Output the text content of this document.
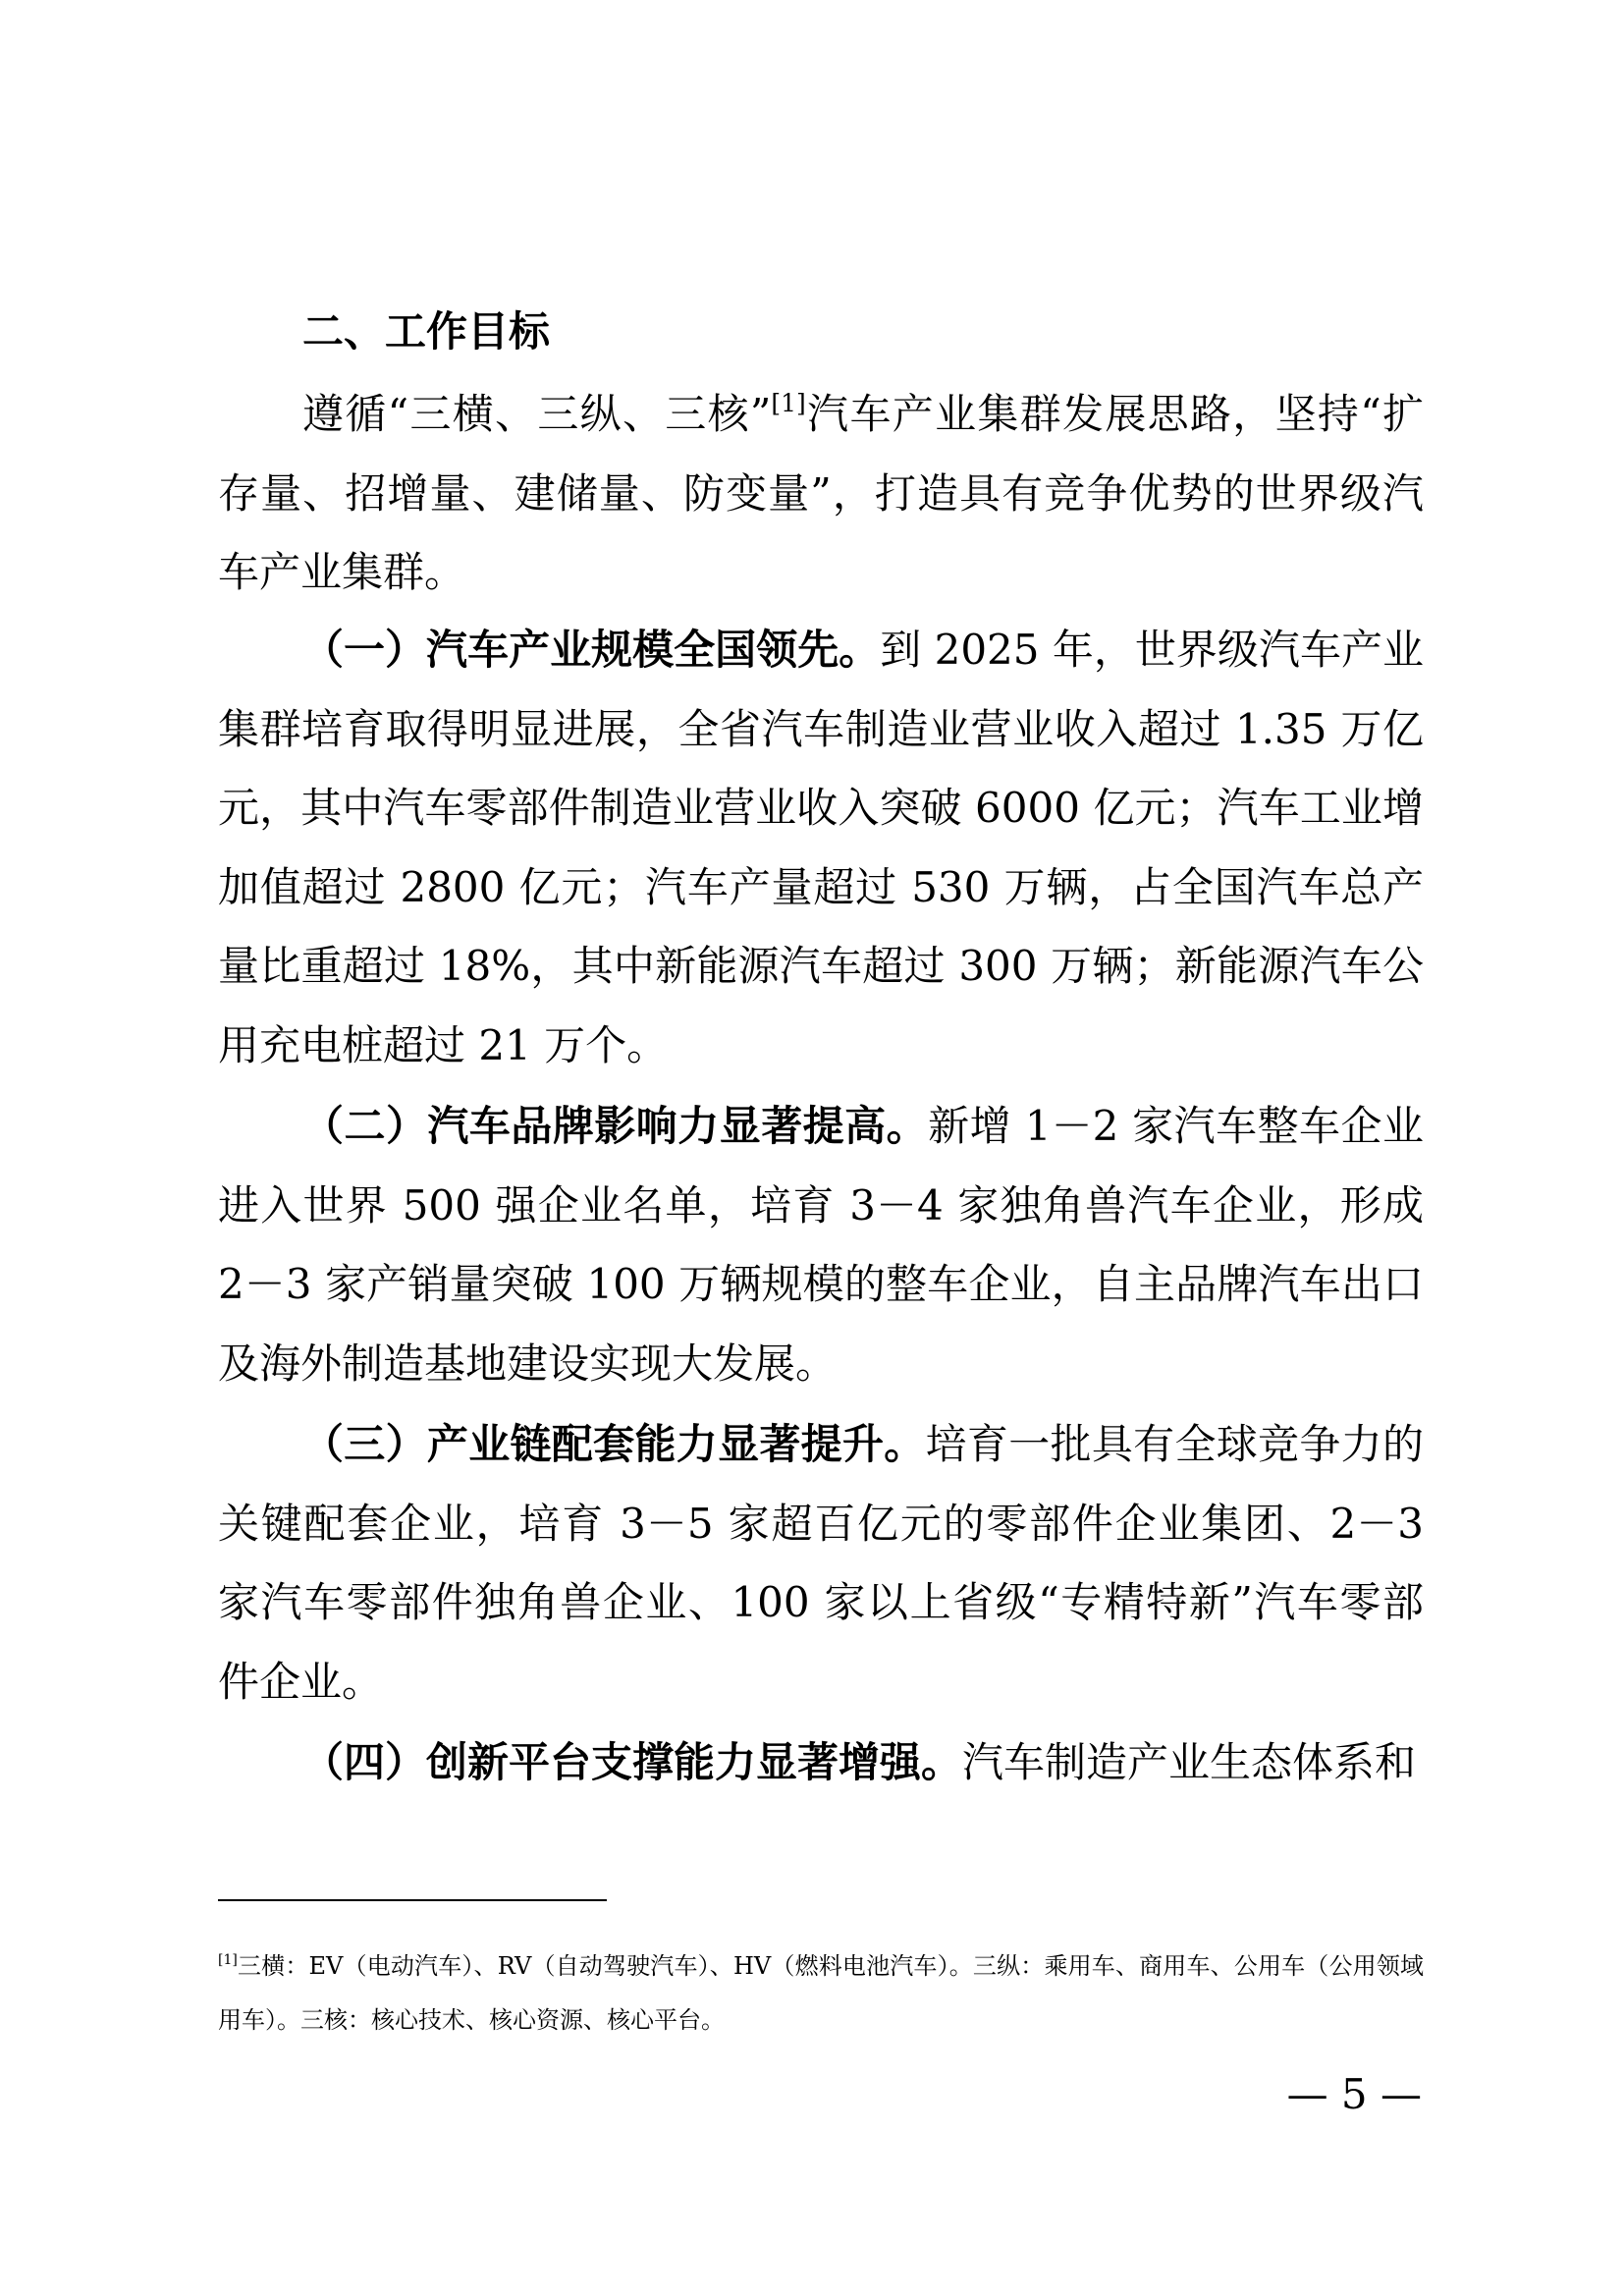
二、工作目标

遵循“三横、三纵、三核”[1]汽车产业集群发展思路，坚持“扩存量、招增量、建储量、防变量”，打造具有竞争优势的世界级汽车产业集群。

（一）汽车产业规模全国领先。到 2025 年，世界级汽车产业集群培育取得明显进展，全省汽车制造业营业收入超过 1.35 万亿元，其中汽车零部件制造业营业收入突破 6000 亿元；汽车工业增加值超过 2800 亿元；汽车产量超过 530 万辆，占全国汽车总产量比重超过 18%，其中新能源汽车超过 300 万辆；新能源汽车公用充电桩超过 21 万个。

（二）汽车品牌影响力显著提高。新增 1－2 家汽车整车企业进入世界 500 强企业名单，培育 3－4 家独角兽汽车企业，形成 2－3 家产销量突破 100 万辆规模的整车企业，自主品牌汽车出口及海外制造基地建设实现大发展。

（三）产业链配套能力显著提升。培育一批具有全球竞争力的关键配套企业，培育 3－5 家超百亿元的零部件企业集团、2－3 家汽车零部件独角兽企业、100 家以上省级“专精特新”汽车零部件企业。

（四）创新平台支撑能力显著增强。汽车制造产业生态体系和

[1]三横：EV（电动汽车）、RV（自动驾驶汽车）、HV（燃料电池汽车）。三纵：乘用车、商用车、公用车（公用领域用车）。三核：核心技术、核心资源、核心平台。

— 5 —
